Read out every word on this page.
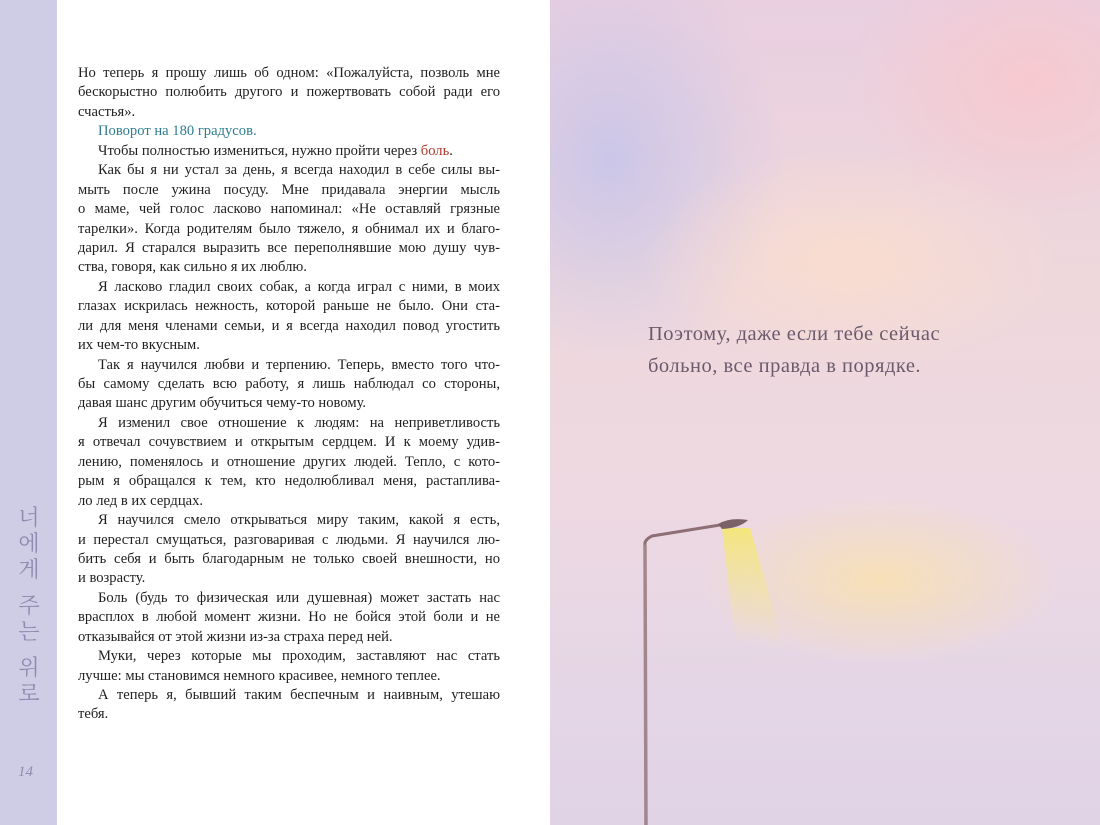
너
에
게
주
는
위
로
14
Но теперь я прошу лишь об одном: «Пожалуйста, позволь мне
бескорыстно полюбить другого и пожертвовать собой ради его
счастья».
Поворот на 180 градусов.
Чтобы полностью измениться, нужно пройти через боль.
Как бы я ни устал за день, я всегда находил в себе силы вы-
мыть после ужина посуду. Мне придавала энергии мысль
о маме, чей голос ласково напоминал: «Не оставляй грязные
тарелки». Когда родителям было тяжело, я обнимал их и благо-
дарил. Я старался выразить все переполнявшие мою душу чув-
ства, говоря, как сильно я их люблю.
Я ласково гладил своих собак, а когда играл с ними, в моих
глазах искрилась нежность, которой раньше не было. Они ста-
ли для меня членами семьи, и я всегда находил повод угостить
их чем-то вкусным.
Так я научился любви и терпению. Теперь, вместо того что-
бы самому сделать всю работу, я лишь наблюдал со стороны,
давая шанс другим обучиться чему-то новому.
Я изменил свое отношение к людям: на неприветливость
я отвечал сочувствием и открытым сердцем. И к моему удив-
лению, поменялось и отношение других людей. Тепло, с кото-
рым я обращался к тем, кто недолюбливал меня, растаплива-
ло лед в их сердцах.
Я научился смело открываться миру таким, какой я есть,
и перестал смущаться, разговаривая с людьми. Я научился лю-
бить себя и быть благодарным не только своей внешности, но
и возрасту.
Боль (будь то физическая или душевная) может застать нас
врасплох в любой момент жизни. Но не бойся этой боли и не
отказывайся от этой жизни из-за страха перед ней.
Муки, через которые мы проходим, заставляют нас стать
лучше: мы становимся немного красивее, немного теплее.
А теперь я, бывший таким беспечным и наивным, утешаю
тебя.
Поэтому, даже если тебе сейчас
больно, все правда в порядке.
